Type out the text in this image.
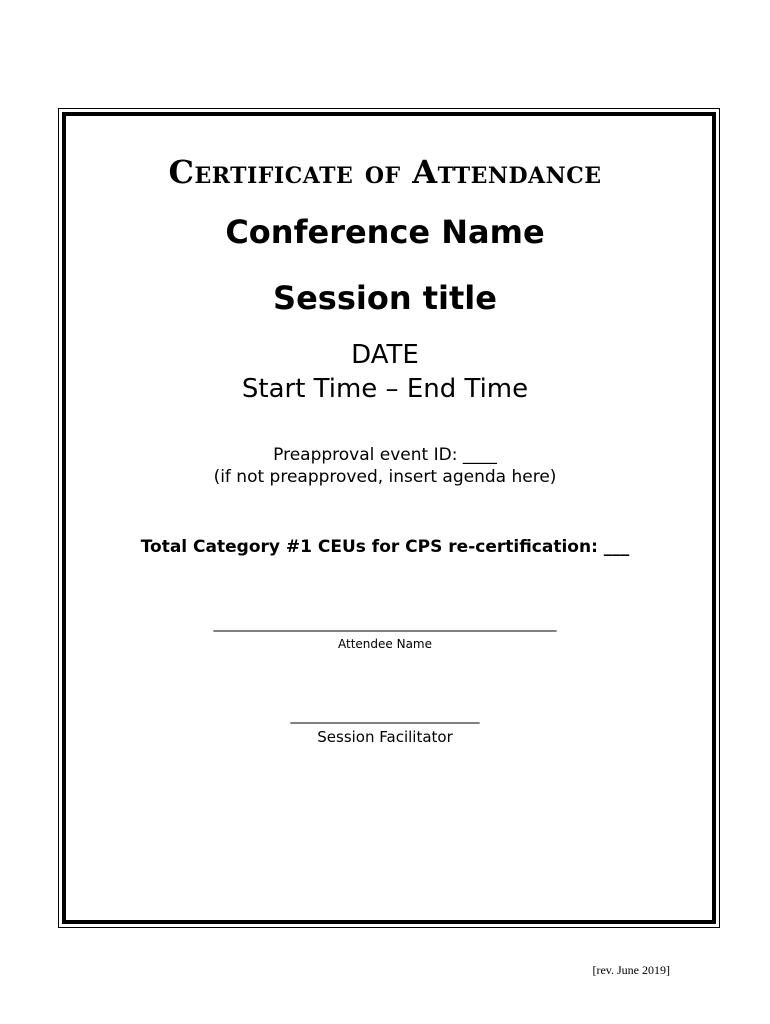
Certificate of Attendance
Conference Name
Session title
DATE
Start Time – End Time
Preapproval event ID: ____
(if not preapproved, insert agenda here)
Total Category #1 CEUs for CPS re-certification: ___
_________________________________________________
Attendee Name
___________________________
Session Facilitator
[rev. June 2019]
